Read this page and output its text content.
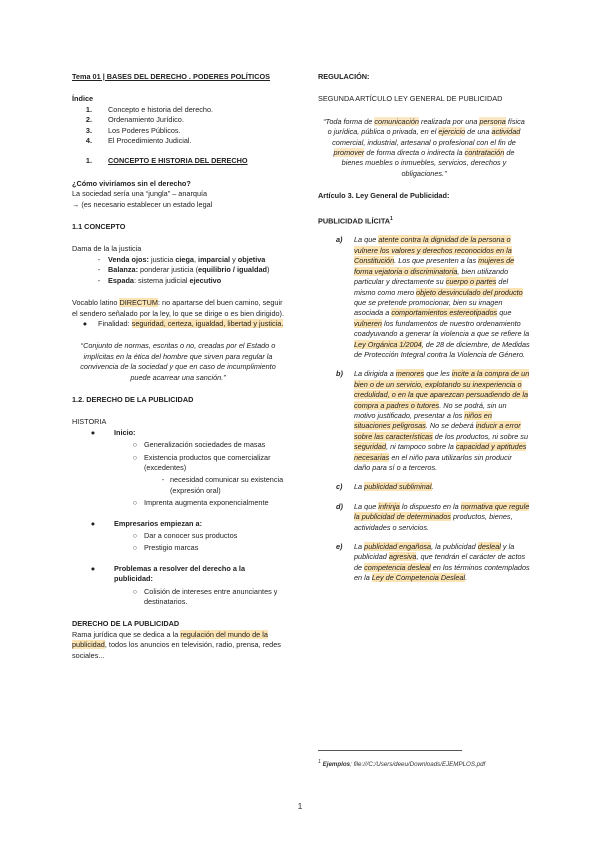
Tema 01 | BASES DEL DERECHO . PODERES POLÍTICOS

Índice

1. Concepto e historia del derecho.
2. Ordenamiento Jurídico.
3. Los Poderes Públicos.
4. El Procedimiento Judicial.
1. CONCEPTO E HISTORIA DEL DERECHO

¿Cómo viviríamos sin el derecho?

La sociedad sería una “jungla” – anarquía

→ (es necesario establecer un estado legal

1.1 CONCEPTO

Dama de la la justicia

-	Venda ojos: justicia ciega, imparcial y objetiva
-	Balanza: ponderar justicia (equilibrio / igualdad)
-	Espada: sistema judicial ejecutivo

Vocablo latino DIRECTUM: no apartarse del buen camino, seguir el sendero señalado por la ley, lo que se dirige o es bien dirigido).

●	Finalidad: seguridad, certeza, igualdad, libertad y justicia.

“Conjunto de normas, escritas o no, creadas por el Estado o implícitas en la ética del hombre que sirven para regular la convivencia de la sociedad y que en caso de incumplimiento puede acarrear una sanción.”

1.2. DERECHO DE LA PUBLICIDAD

HISTORIA

●	Inicio:
○ Generalización sociedades de masas
○ Existencia productos que comercializar (excedentes)
- necesidad comunicar su existencia (expresión oral)
○ Imprenta augmenta exponencialmente
●	Empresarios empiezan a:
○ Dar a conocer sus productos
○ Prestigio marcas
●	Problemas a resolver del derecho a la publicidad:
○ Colisión de intereses entre anunciantes y destinatarios.

DERECHO DE LA PUBLICIDAD

Rama jurídica que se dedica a la regulación del mundo de la publicidad, todos los anuncios en televisión, radio, prensa, redes sociales...

REGULACIÓN:

SEGUNDA ARTÍCULO LEY GENERAL DE PUBLICIDAD

“Toda forma de comunicación realizada por una persona física o jurídica, pública o privada, en el ejercicio de una actividad comercial, industrial, artesanal o profesional con el fin de promover de forma directa o indirecta la contratación de bienes muebles o inmuebles, servicios, derechos y obligaciones.”

Artículo 3. Ley General de Publicidad:

PUBLICIDAD ILÍCITA$^1$

a)	La que atente contra la dignidad de la persona o vulnere los valores y derechos reconocidos en la Constitución. Los que presenten a las mujeres de forma vejatoria o discriminatoria, bien utilizando particular y directamente su cuerpo o partes del mismo como mero objeto desvinculado del producto que se pretende promocionar, bien su imagen asociada a comportamientos estereotipados que vulneren los fundamentos de nuestro ordenamiento coadyuvando a generar la violencia a que se refiere la Ley Orgánica 1/2004, de 28 de diciembre, de Medidas de Protección Integral contra la Violencia de Género.
b)	La dirigida a menores que les incite a la compra de un bien o de un servicio, explotando su inexperiencia o credulidad, o en la que aparezcan persuadiendo de la compra a padres o tutores. No se podrá, sin un motivo justificado, presentar a los niños en situaciones peligrosas. No se deberá inducir a error sobre las características de los productos, ni sobre su seguridad, ni tampoco sobre la capacidad y aptitudes necesarias en el niño para utilizarlos sin producir daño para sí o a terceros.
c)	La publicidad subliminal.
d)	La que infrinja lo dispuesto en la normativa que regule la publicidad de determinados productos, bienes, actividades o servicios.
e)	La publicidad engañosa, la publicidad desleal y la publicidad agresiva, que tendrán el carácter de actos de competencia desleal en los términos contemplados en la Ley de Competencia Desleal.
$^1$ Ejemplos; file:///C:/Users/deeu/Downloads/EJEMPLOS.pdf
1
